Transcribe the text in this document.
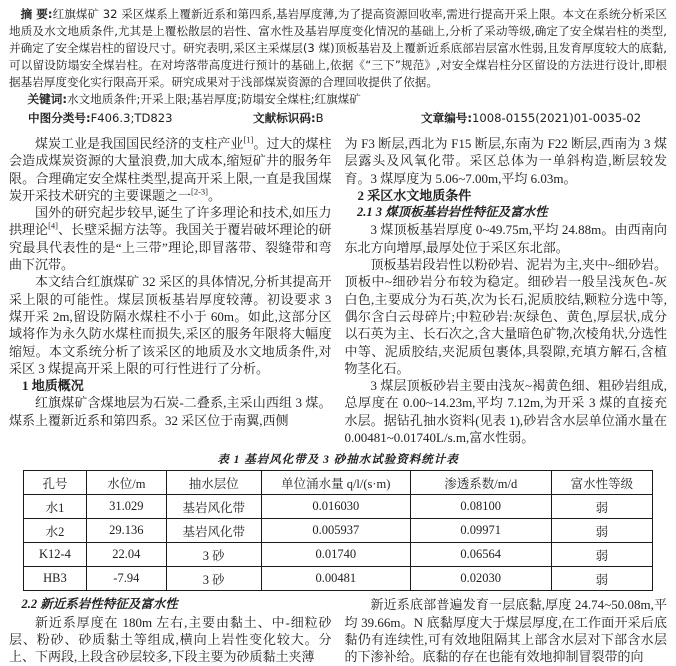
摘 要:红旗煤矿 32 采区煤系上覆新近系和第四系,基岩厚度薄,为了提高资源回收率,需进行提高开采上限。本文在系统分析采区地质及水文地质条件,尤其是上覆松散层的岩性、富水性及基岩厚度变化情况的基础上,分析了采动等级,确定了安全煤岩柱的类型,并确定了安全煤岩柱的留设尺寸。研究表明,采区主采煤层(3 煤)顶板基岩及上覆新近系底部岩层富水性弱,且发育厚度较大的底黏,可以留设防塌安全煤岩柱。在对垮落带高度进行预计的基础上,依据《“三下”规范》,对安全煤岩柱分区留设的方法进行设计,即根据基岩厚度变化实行限高开采。研究成果对于浅部煤炭资源的合理回收提供了依据。

关键词:水文地质条件;开采上限;基岩厚度;防塌安全煤柱;红旗煤矿

中图分类号:F406.3;TD823	文献标识码:B	文章编号:1008-0155(2021)01-0035-02

煤炭工业是我国国民经济的支柱产业[1]。过大的煤柱会造成煤炭资源的大量浪费,加大成本,缩短矿井的服务年限。合理确定安全煤柱类型,提高开采上限,一直是我国煤炭开采技术研究的主要课题之一[2-3]。

国外的研究起步较早,诞生了许多理论和技术,如压力拱理论[4]、长壁采掘方法等。我国关于覆岩破坏理论的研究最具代表性的是“上三带”理论,即冒落带、裂缝带和弯曲下沉带。

本文结合红旗煤矿 32 采区的具体情况,分析其提高开采上限的可能性。煤层顶板基岩厚度较薄。初设要求 3 煤开采 2m,留设防隔水煤柱不小于 60m。如此,这部分区域将作为永久防水煤柱而损失,采区的服务年限将大幅度缩短。本文系统分析了该采区的地质及水文地质条件,对采区 3 煤提高开采上限的可行性进行了分析。

1 地质概况

红旗煤矿含煤地层为石炭-二叠系,主采山西组 3 煤。煤系上覆新近系和第四系。32 采区位于南翼,西侧

为 F3 断层,西北为 F15 断层,东南为 F22 断层,西南为 3 煤层露头及风氧化带。采区总体为一单斜构造,断层较发育。3 煤厚度为 5.06~7.00m,平均 6.03m。

2 采区水文地质条件

2.1 3 煤顶板基岩岩性特征及富水性

3 煤顶板基岩厚度 0~49.75m,平均 24.88m。由西南向东北方向增厚,最厚处位于采区东北部。

顶板基岩段岩性以粉砂岩、泥岩为主,夹中~细砂岩。顶板中~细砂岩分布较为稳定。细砂岩一般呈浅灰色-灰白色,主要成分为石英,次为长石,泥质胶结,颗粒分选中等,偶尔含白云母碎片;中粒砂岩:灰绿色、黄色,厚层状,成分以石英为主、长石次之,含大量暗色矿物,次棱角状,分选性中等、泥质胶结,夹泥质包裹体,具裂隙,充填方解石,含植物茎化石。

3 煤层顶板砂岩主要由浅灰~褐黄色细、粗砂岩组成,总厚度在 0.00~14.23m,平均 7.12m,为开采 3 煤的直接充水层。据钻孔抽水资料(见表 1),砂岩含水层单位涌水量在 0.00481~0.01740L/s.m,富水性弱。

表 1 基岩风化带及 3 砂抽水试验资料统计表
孔号	水位/m	抽水层位	单位涌水量 q/l/(s·m)	渗透系数/m/d	富水性等级
水1	31.029	基岩风化带	0.016030	0.08100	弱
水2	29.136	基岩风化带	0.005937	0.09971	弱
K12-4	22.04	3 砂	0.01740	0.06564	弱
HB3	-7.94	3 砂	0.00481	0.02030	弱

2.2 新近系岩性特征及富水性

新近系厚度在 180m 左右,主要由黏土、中-细粒砂层、粉砂、砂质黏土等组成,横向上岩性变化较大。分上、下两段,上段含砂层较多,下段主要为砂质黏土夹薄

新近系底部普遍发育一层底黏,厚度 24.74~50.08m,平均 39.66m。N 底黏厚度大于煤层厚度,在工作面开采后底黏仍有连续性,可有效地阻隔其上部含水层对下部含水层的下渗补给。底黏的存在也能有效地抑制冒裂带的向
